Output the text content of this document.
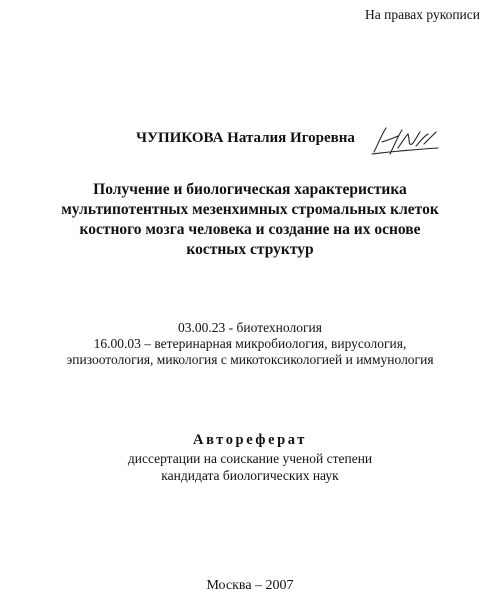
На правах рукописи
ЧУПИКОВА Наталия Игоревна
Получение и биологическая характеристика
мультипотентных мезенхимных стромальных клеток
костного мозга человека и создание на их основе
костных структур
03.00.23 - биотехнология
16.00.03 – ветеринарная микробиология, вирусология,
эпизоотология, микология с микотоксикологией и иммунология
Автореферат
диссертации на соискание ученой степени
кандидата биологических наук
Москва – 2007
